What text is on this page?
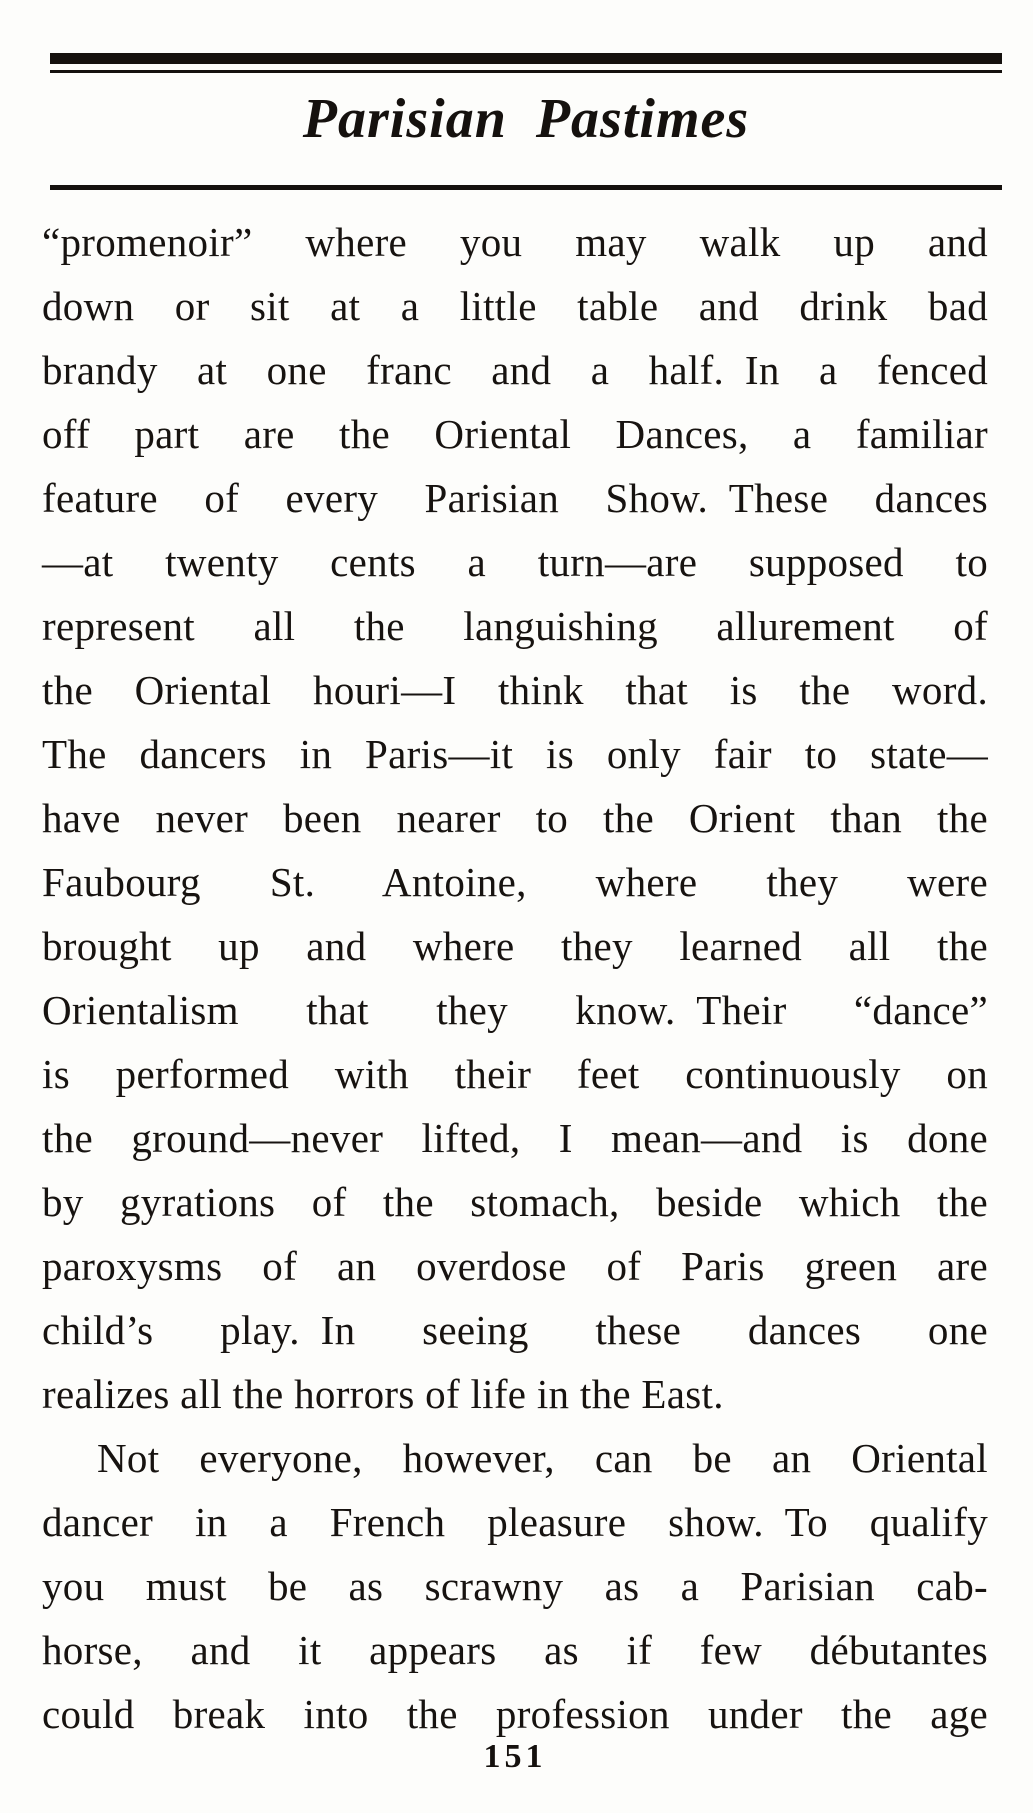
Parisian Pastimes
“promenoir” where you may walk up and
down or sit at a little table and drink bad
brandy at one franc and a half. In a fenced
off part are the Oriental Dances, a familiar
feature of every Parisian Show. These dances
—at twenty cents a turn—are supposed to
represent all the languishing allurement of
the Oriental houri—I think that is the word.
The dancers in Paris—it is only fair to state—
have never been nearer to the Orient than the
Faubourg St. Antoine, where they were
brought up and where they learned all the
Orientalism that they know. Their “dance”
is performed with their feet continuously on
the ground—never lifted, I mean—and is done
by gyrations of the stomach, beside which the
paroxysms of an overdose of Paris green are
child’s play. In seeing these dances one
realizes all the horrors of life in the East.
Not everyone, however, can be an Oriental
dancer in a French pleasure show. To qualify
you must be as scrawny as a Parisian cab-
horse, and it appears as if few débutantes
could break into the profession under the age
151
